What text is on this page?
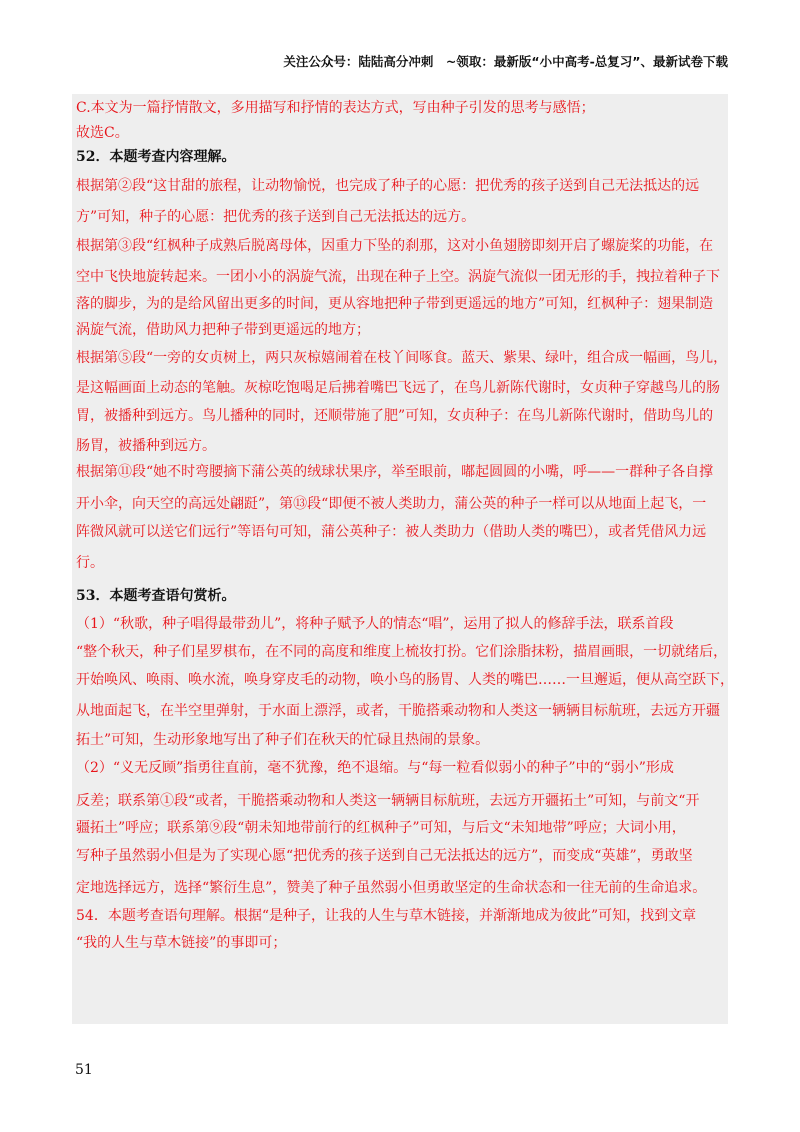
关注公众号：陆陆高分冲刺　~领取：最新版“小中高考-总复习”、最新试卷下载
C.本文为一篇抒情散文，多用描写和抒情的表达方式，写由种子引发的思考与感悟；
故选C。
52．本题考查内容理解。
根据第②段“这甘甜的旅程，让动物愉悦，也完成了种子的心愿：把优秀的孩子送到自己无法抵达的远
方”可知，种子的心愿：把优秀的孩子送到自己无法抵达的远方。
根据第③段“红枫种子成熟后脱离母体，因重力下坠的刹那，这对小鱼翅膀即刻开启了螺旋桨的功能，在
空中飞快地旋转起来。一团小小的涡旋气流，出现在种子上空。涡旋气流似一团无形的手，拽拉着种子下
落的脚步，为的是给风留出更多的时间，更从容地把种子带到更遥远的地方”可知，红枫种子：翅果制造
涡旋气流，借助风力把种子带到更遥远的地方；
根据第⑤段“一旁的女贞树上，两只灰椋嬉闹着在枝丫间啄食。蓝天、紫果、绿叶，组合成一幅画，鸟儿，
是这幅画面上动态的笔触。灰椋吃饱喝足后拂着嘴巴飞远了，在鸟儿新陈代谢时，女贞种子穿越鸟儿的肠
胃，被播种到远方。鸟儿播种的同时，还顺带施了肥”可知，女贞种子：在鸟儿新陈代谢时，借助鸟儿的
肠胃，被播种到远方。
根据第⑪段“她不时弯腰摘下蒲公英的绒球状果序，举至眼前，嘟起圆圆的小嘴，呼——一群种子各自撑
开小伞，向天空的高远处翩跹”，第⑬段“即便不被人类助力，蒲公英的种子一样可以从地面上起飞，一
阵微风就可以送它们远行”等语句可知，蒲公英种子：被人类助力（借助人类的嘴巴），或者凭借风力远
行。
53．本题考查语句赏析。
（1）“秋歌，种子唱得最带劲儿”，将种子赋予人的情态“唱”，运用了拟人的修辞手法，联系首段
“整个秋天，种子们星罗棋布，在不同的高度和维度上梳妆打扮。它们涂脂抹粉，描眉画眼，一切就绪后，
开始唤风、唤雨、唤水流，唤身穿皮毛的动物，唤小鸟的肠胃、人类的嘴巴……一旦邂逅，便从高空跃下，
从地面起飞，在半空里弹射，于水面上漂浮，或者，干脆搭乘动物和人类这一辆辆目标航班，去远方开疆
拓土”可知，生动形象地写出了种子们在秋天的忙碌且热闹的景象。
（2）“义无反顾”指勇往直前，毫不犹豫，绝不退缩。与“每一粒看似弱小的种子”中的“弱小”形成
反差；联系第①段“或者，干脆搭乘动物和人类这一辆辆目标航班，去远方开疆拓土”可知，与前文“开
疆拓土”呼应；联系第⑨段“朝未知地带前行的红枫种子”可知，与后文“未知地带”呼应；大词小用，
写种子虽然弱小但是为了实现心愿“把优秀的孩子送到自己无法抵达的远方”，而变成“英雄”，勇敢坚
定地选择远方，选择“繁衍生息”，赞美了种子虽然弱小但勇敢坚定的生命状态和一往无前的生命追求。
54．本题考查语句理解。根据“是种子，让我的人生与草木链接，并渐渐地成为彼此”可知，找到文章
“我的人生与草木链接”的事即可；
51
